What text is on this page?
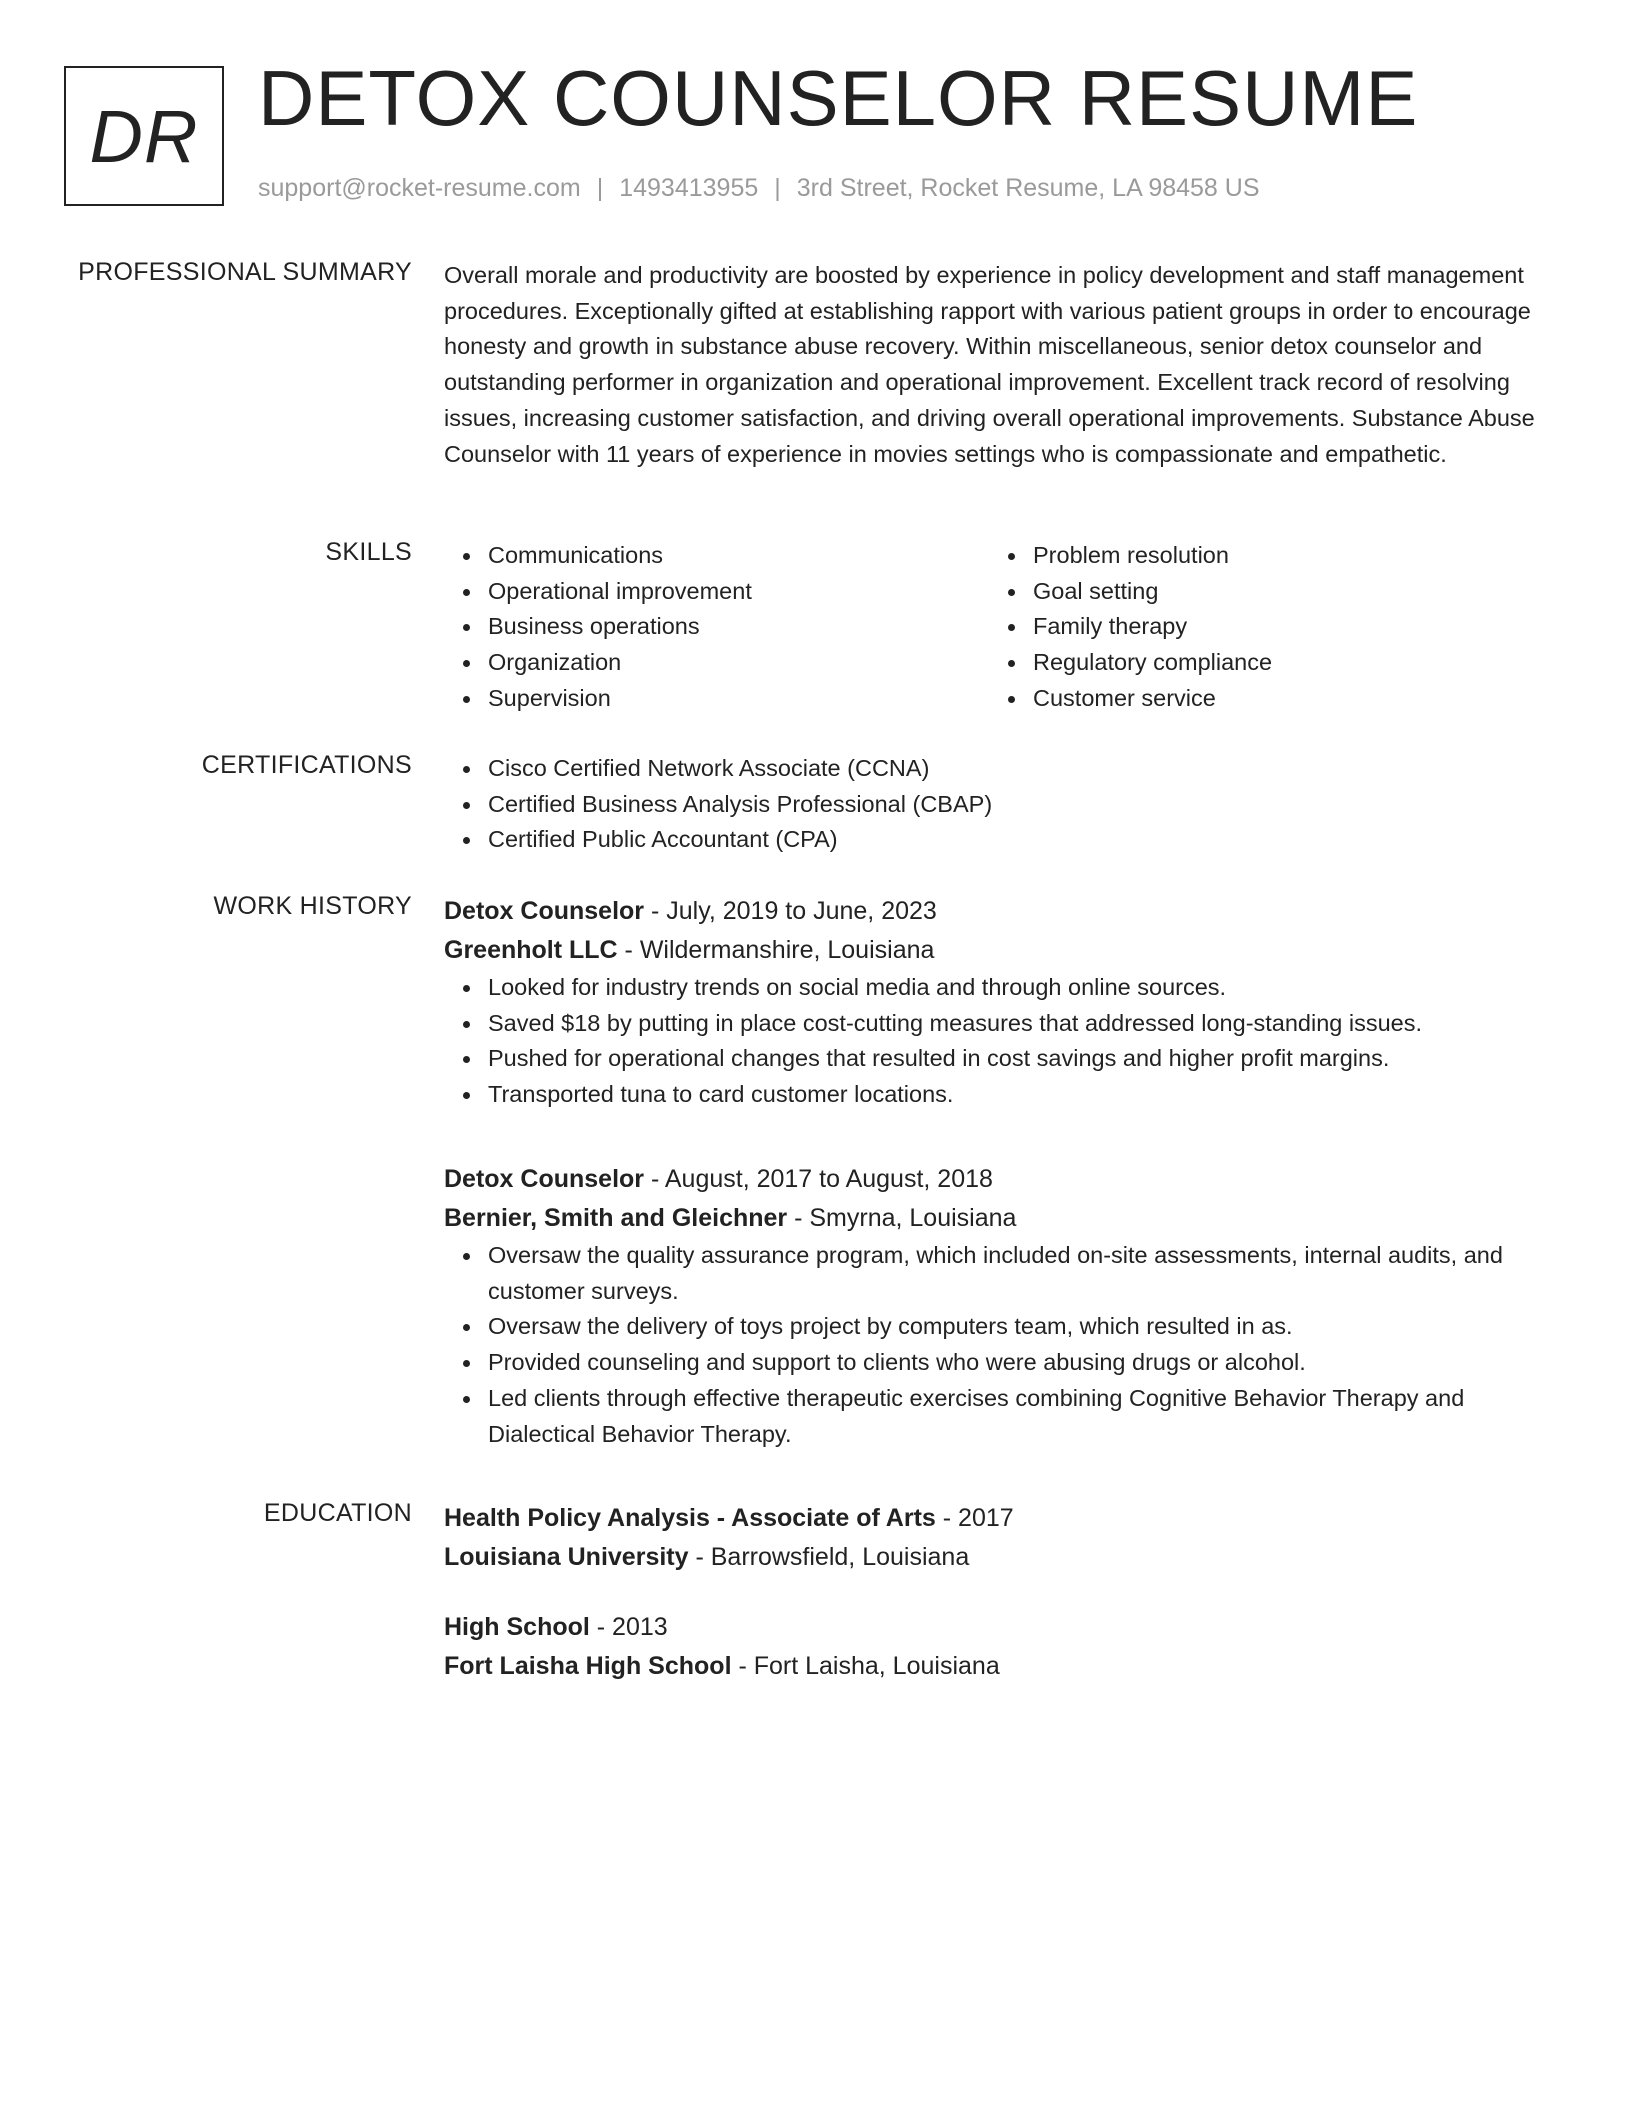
DR DETOX COUNSELOR RESUME
support@rocket-resume.com | 1493413955 | 3rd Street, Rocket Resume, LA 98458 US
PROFESSIONAL SUMMARY Overall morale and productivity are boosted by experience in policy development and staff management procedures. Exceptionally gifted at establishing rapport with various patient groups in order to encourage honesty and growth in substance abuse recovery. Within miscellaneous, senior detox counselor and outstanding performer in organization and operational improvement. Excellent track record of resolving issues, increasing customer satisfaction, and driving overall operational improvements. Substance Abuse Counselor with 11 years of experience in movies settings who is compassionate and empathetic.

SKILLS	Communications
Operational improvement
Business operations
Organization
Supervision
Problem resolution
Goal setting
Family therapy
Regulatory compliance
Customer service
CERTIFICATIONS	Cisco Certified Network Associate (CCNA)
Certified Business Analysis Professional (CBAP)
Certified Public Accountant (CPA)
WORK HISTORY Detox Counselor - July, 2019 to June, 2023
Greenholt LLC - Wildermanshire, Louisiana
Looked for industry trends on social media and through online sources.
Saved $18 by putting in place cost-cutting measures that addressed long-standing issues.
Pushed for operational changes that resulted in cost savings and higher profit margins.
Transported tuna to card customer locations.
Detox Counselor - August, 2017 to August, 2018
Bernier, Smith and Gleichner - Smyrna, Louisiana
Oversaw the quality assurance program, which included on-site assessments, internal audits, and customer surveys.
Oversaw the delivery of toys project by computers team, which resulted in as.
Provided counseling and support to clients who were abusing drugs or alcohol.
Led clients through effective therapeutic exercises combining Cognitive Behavior Therapy and Dialectical Behavior Therapy.
EDUCATION Health Policy Analysis - Associate of Arts - 2017
Louisiana University - Barrowsfield, Louisiana
High School - 2013
Fort Laisha High School - Fort Laisha, Louisiana
